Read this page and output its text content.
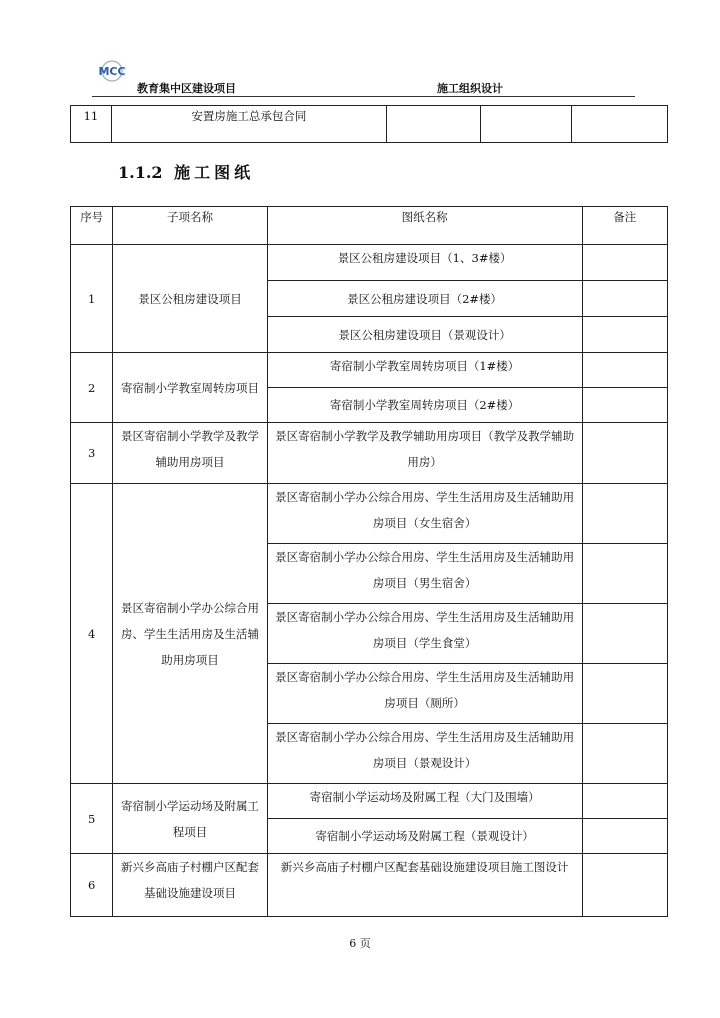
MCC
教育集中区建设项目	施工组织设计
11	安置房施工总承包合同			
1.1.2 施工图纸
序号	子项名称	图纸名称	备注
1	景区公租房建设项目	景区公租房建设项目（1、3#楼）	
		景区公租房建设项目（2#楼）	
		景区公租房建设项目（景观设计）	
2	寄宿制小学教室周转房项目	寄宿制小学教室周转房项目（1#楼）	
		寄宿制小学教室周转房项目（2#楼）	
3	景区寄宿制小学教学及教学辅助用房项目	景区寄宿制小学教学及教学辅助用房项目（教学及教学辅助用房）	
4	景区寄宿制小学办公综合用房、学生生活用房及生活辅助用房项目	景区寄宿制小学办公综合用房、学生生活用房及生活辅助用房项目（女生宿舍）	
		景区寄宿制小学办公综合用房、学生生活用房及生活辅助用房项目（男生宿舍）	
		景区寄宿制小学办公综合用房、学生生活用房及生活辅助用房项目（学生食堂）	
		景区寄宿制小学办公综合用房、学生生活用房及生活辅助用房项目（厕所）	
		景区寄宿制小学办公综合用房、学生生活用房及生活辅助用房项目（景观设计）	
5	寄宿制小学运动场及附属工程项目	寄宿制小学运动场及附属工程（大门及围墙）	
		寄宿制小学运动场及附属工程（景观设计）	
6	新兴乡高庙子村棚户区配套基础设施建设项目	新兴乡高庙子村棚户区配套基础设施建设项目施工图设计	
6 页
